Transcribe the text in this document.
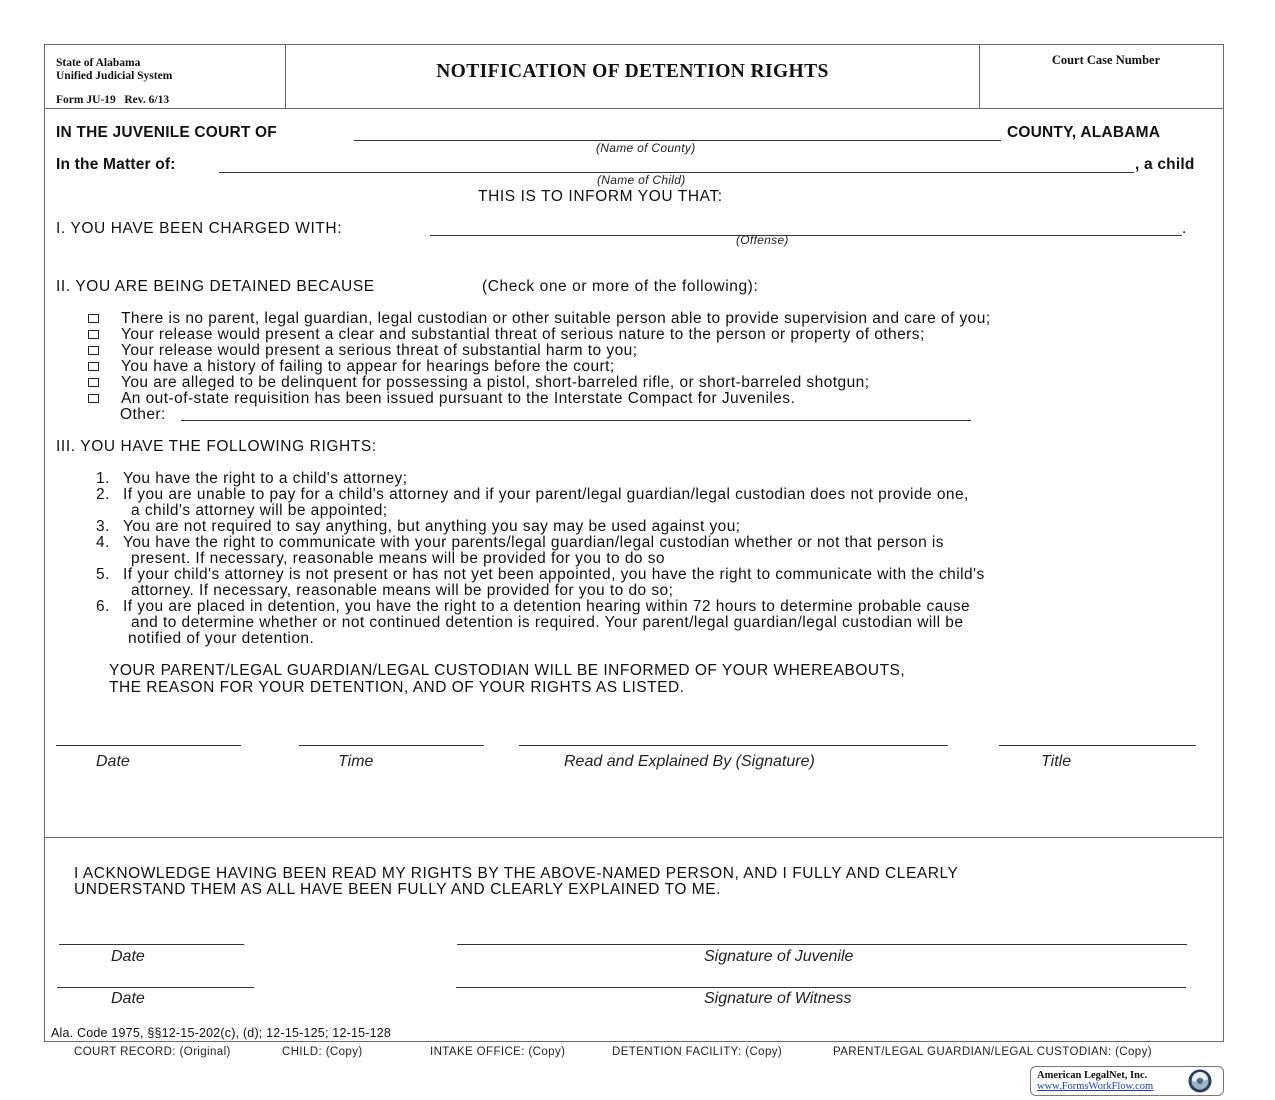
State of Alabama
Unified Judicial System
Form JU-19   Rev. 6/13
NOTIFICATION OF DETENTION RIGHTS
Court Case Number
IN THE JUVENILE COURT OF	COUNTY, ALABAMA
(Name of County)
In the Matter of:	, a child
(Name of Child)
THIS IS TO INFORM YOU THAT:
I. YOU HAVE BEEN CHARGED WITH:	.
(Offense)
II. YOU ARE BEING DETAINED BECAUSE	(Check one or more of the following):
There is no parent, legal guardian, legal custodian or other suitable person able to provide supervision and care of you;
Your release would present a clear and substantial threat of serious nature to the person or property of others;
Your release would present a serious threat of substantial harm to you;
You have a history of failing to appear for hearings before the court;
You are alleged to be delinquent for possessing a pistol, short-barreled rifle, or short-barreled shotgun;
An out-of-state requisition has been issued pursuant to the Interstate Compact for Juveniles.
Other:
III. YOU HAVE THE FOLLOWING RIGHTS:
1. You have the right to a child's attorney;
2. If you are unable to pay for a child's attorney and if your parent/legal guardian/legal custodian does not provide one,
a child's attorney will be appointed;
3. You are not required to say anything, but anything you say may be used against you;
4. You have the right to communicate with your parents/legal guardian/legal custodian whether or not that person is
present. If necessary, reasonable means will be provided for you to do so
5. If your child's attorney is not present or has not yet been appointed, you have the right to communicate with the child's
attorney. If necessary, reasonable means will be provided for you to do so;
6. If you are placed in detention, you have the right to a detention hearing within 72 hours to determine probable cause
and to determine whether or not continued detention is required. Your parent/legal guardian/legal custodian will be
notified of your detention.
YOUR PARENT/LEGAL GUARDIAN/LEGAL CUSTODIAN WILL BE INFORMED OF YOUR WHEREABOUTS,
THE REASON FOR YOUR DETENTION, AND OF YOUR RIGHTS AS LISTED.
Date	Time	Read and Explained By (Signature)	Title
I ACKNOWLEDGE HAVING BEEN READ MY RIGHTS BY THE ABOVE-NAMED PERSON, AND I FULLY AND CLEARLY
UNDERSTAND THEM AS ALL HAVE BEEN FULLY AND CLEARLY EXPLAINED TO ME.
Date	Signature of Juvenile
Date	Signature of Witness
Ala. Code 1975, §§12-15-202(c), (d); 12-15-125; 12-15-128
COURT RECORD: (Original)	CHILD: (Copy)	INTAKE OFFICE: (Copy)	DETENTION FACILITY: (Copy)	PARENT/LEGAL GUARDIAN/LEGAL CUSTODIAN: (Copy)
American LegalNet, Inc.
www.FormsWorkFlow.com
